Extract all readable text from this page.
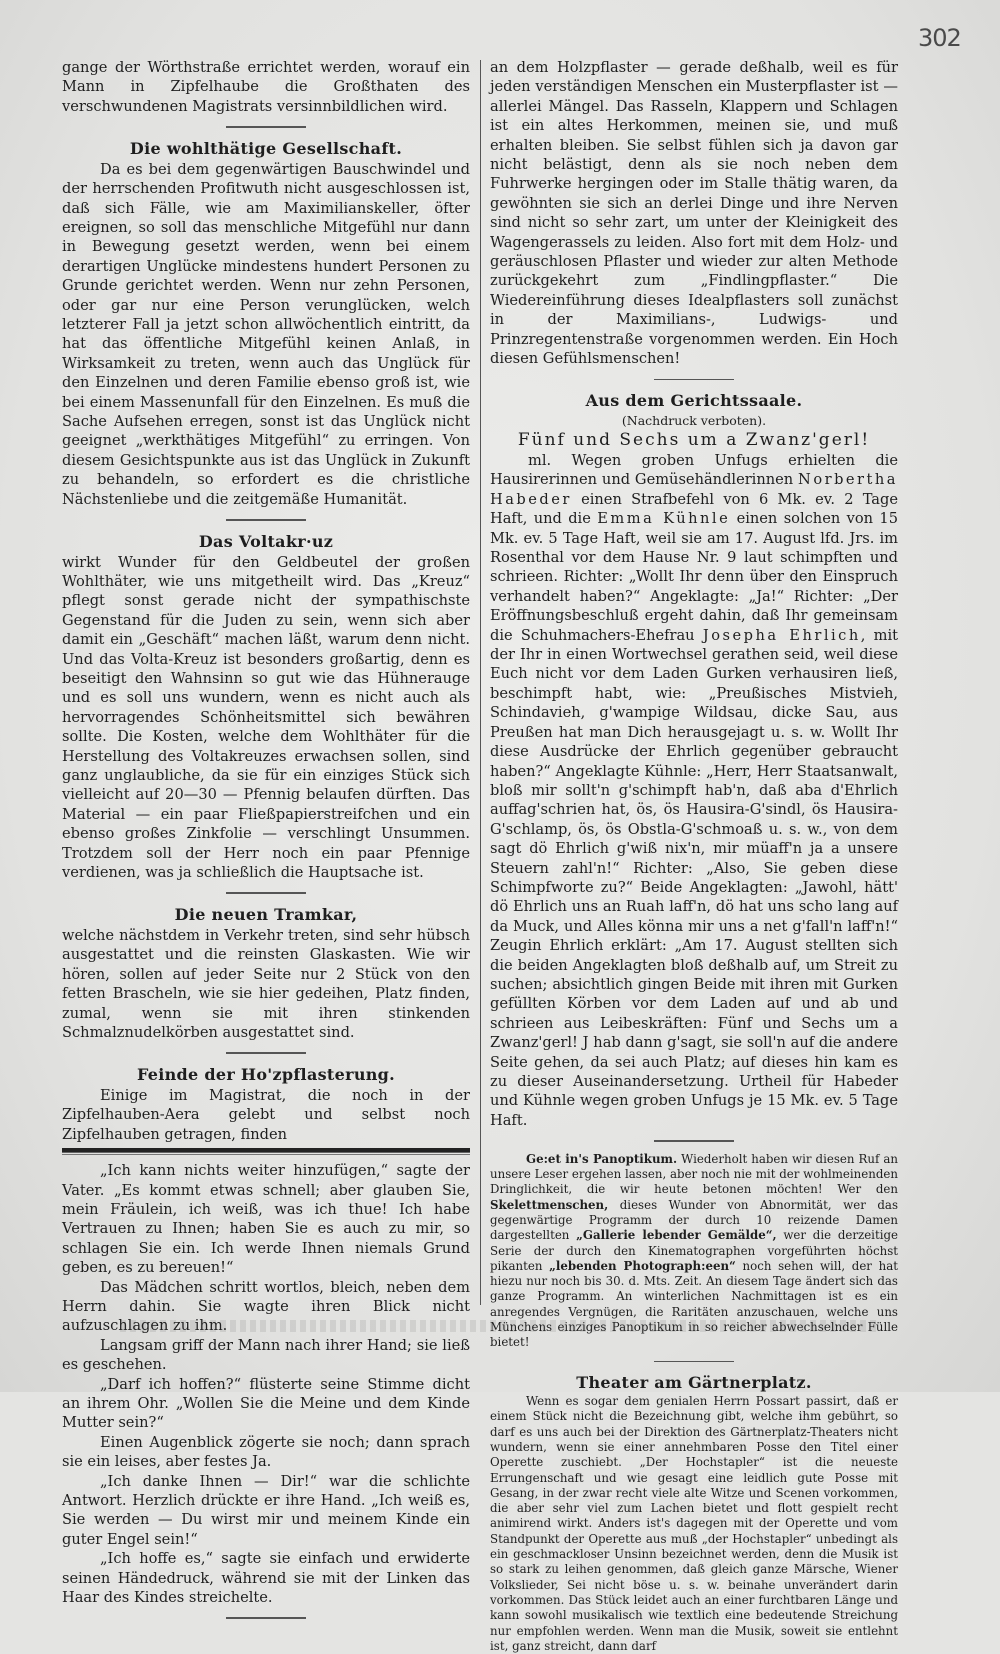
302

gange der Wörthstraße errichtet werden, worauf ein Mann in Zipfelhaube die Großthaten des verschwundenen Magistrats versinnbildlichen wird.

Die wohlthätige Gesellschaft.

Da es bei dem gegenwärtigen Bauschwindel und der herrschenden Profitwuth nicht ausgeschlossen ist, daß sich Fälle, wie am Maximilianskeller, öfter ereignen, so soll das menschliche Mitgefühl nur dann in Bewegung gesetzt werden, wenn bei einem derartigen Unglücke mindestens hundert Personen zu Grunde gerichtet werden. Wenn nur zehn Personen, oder gar nur eine Person verunglücken, welch letzterer Fall ja jetzt schon allwöchentlich eintritt, da hat das öffentliche Mitgefühl keinen Anlaß, in Wirksamkeit zu treten, wenn auch das Unglück für den Einzelnen und deren Familie ebenso groß ist, wie bei einem Massenunfall für den Einzelnen. Es muß die Sache Aufsehen erregen, sonst ist das Unglück nicht geeignet „werkthätiges Mitgefühl“ zu erringen. Von diesem Gesichtspunkte aus ist das Unglück in Zukunft zu behandeln, so erfordert es die christliche Nächstenliebe und die zeitgemäße Humanität.

Das Voltakr·uz

wirkt Wunder für den Geldbeutel der großen Wohlthäter, wie uns mitgetheilt wird. Das „Kreuz“ pflegt sonst gerade nicht der sympathischste Gegenstand für die Juden zu sein, wenn sich aber damit ein „Geschäft“ machen läßt, warum denn nicht. Und das Volta-Kreuz ist besonders großartig, denn es beseitigt den Wahnsinn so gut wie das Hühnerauge und es soll uns wundern, wenn es nicht auch als hervorragendes Schönheitsmittel sich bewähren sollte. Die Kosten, welche dem Wohlthäter für die Herstellung des Voltakreuzes erwachsen sollen, sind ganz unglaubliche, da sie für ein einziges Stück sich vielleicht auf 20—30 — Pfennig belaufen dürften. Das Material — ein paar Fließpapierstreifchen und ein ebenso großes Zinkfolie — verschlingt Unsummen. Trotzdem soll der Herr noch ein paar Pfennige verdienen, was ja schließlich die Hauptsache ist.

Die neuen Tramkar,

welche nächstdem in Verkehr treten, sind sehr hübsch ausgestattet und die reinsten Glaskasten. Wie wir hören, sollen auf jeder Seite nur 2 Stück von den fetten Braschеln, wie sie hier gedeihen, Platz finden, zumal, wenn sie mit ihren stinkenden Schmalznudelkörben ausgestattet sind.

Feinde der Ho'zpflasterung.

Einige im Magistrat, die noch in der Zipfelhauben-Aera gelebt und selbst noch Zipfelhauben getragen, finden

„Ich kann nichts weiter hinzufügen,“ sagte der Vater. „Es kommt etwas schnell; aber glauben Sie, mein Fräulein, ich weiß, was ich thue! Ich habe Vertrauen zu Ihnen; haben Sie es auch zu mir, so schlagen Sie ein. Ich werde Ihnen niemals Grund geben, es zu bereuen!“

Das Mädchen schritt wortlos, bleich, neben dem Herrn dahin. Sie wagte ihren Blick nicht aufzuschlagen zu ihm.

Langsam griff der Mann nach ihrer Hand; sie ließ es geschehen.

„Darf ich hoffen?“ flüsterte seine Stimme dicht an ihrem Ohr. „Wollen Sie die Meine und dem Kinde Mutter sein?“

Einen Augenblick zögerte sie noch; dann sprach sie ein leises, aber festes Ja.

„Ich danke Ihnen — Dir!“ war die schlichte Antwort. Herzlich drückte er ihre Hand. „Ich weiß es, Sie werden — Du wirst mir und meinem Kinde ein guter Engel sein!“

„Ich hoffe es,“ sagte sie einfach und erwiderte seinen Händedruck, während sie mit der Linken das Haar des Kindes streichelte.

an dem Holzpflaster — gerade deßhalb, weil es für jeden verständigen Menschen ein Musterpflaster ist — allerlei Mängel. Das Rasseln, Klappern und Schlagen ist ein altes Herkommen, meinen sie, und muß erhalten bleiben. Sie selbst fühlen sich ja davon gar nicht belästigt, denn als sie noch neben dem Fuhrwerke hergingen oder im Stalle thätig waren, da gewöhnten sie sich an derlei Dinge und ihre Nerven sind nicht so sehr zart, um unter der Kleinigkeit des Wagengerassels zu leiden. Also fort mit dem Holz- und geräuschlosen Pflaster und wieder zur alten Methode zurückgekehrt zum „Findlingpflaster.“ Die Wiedereinführung dieses Idealpflasters soll zunächst in der Maximilians-, Ludwigs- und Prinzregentenstraße vorgenommen werden. Ein Hoch diesen Gefühlsmenschen!

Aus dem Gerichtssaale.
(Nachdruck verboten).
Fünf und Sechs um a Zwanz'gerl!

ml. Wegen groben Unfugs erhielten die Hausirerinnen und Gemüsehändlerinnen Norbertha Habeder einen Strafbefehl von 6 Mk. ev. 2 Tage Haft, und die Emma Kühnle einen solchen von 15 Mk. ev. 5 Tage Haft, weil sie am 17. August lfd. Jrs. im Rosenthal vor dem Hause Nr. 9 laut schimpften und schrieen. Richter: „Wollt Ihr denn über den Einspruch verhandelt haben?“ Angeklagte: „Ja!“ Richter: „Der Eröffnungsbeschluß ergeht dahin, daß Ihr gemeinsam die Schuhmachers-Ehefrau Josepha Ehrlich, mit der Ihr in einen Wortwechsel gerathen seid, weil diese Euch nicht vor dem Laden Gurken verhausiren ließ, beschimpft habt, wie: „Preußisches Mistvieh, Schindavieh, g'wampige Wildsau, dicke Sau, aus Preußen hat man Dich herausgejagt u. s. w. Wollt Ihr diese Ausdrücke der Ehrlich gegenüber gebraucht haben?“ Angeklagte Kühnle: „Herr, Herr Staatsanwalt, bloß mir sollt'n g'schimpft hab'n, daß aba d'Ehrlich auffag'schrien hat, ös, ös Hausira-G'sindl, ös Hausira-G'schlamp, ös, ös Obstla-G'schmoaß u. s. w., von dem sagt dö Ehrlich g'wiß nix'n, mir müaff'n ja a unsere Steuern zahl'n!“ Richter: „Also, Sie geben diese Schimpfworte zu?“ Beide Angeklagten: „Jawohl, hätt' dö Ehrlich uns an Ruah laff'n, dö hat uns scho lang auf da Muck, und Alles könna mir uns a net g'fall'n laff'n!“ Zeugin Ehrlich erklärt: „Am 17. August stellten sich die beiden Angeklagten bloß deßhalb auf, um Streit zu suchen; absichtlich gingen Beide mit ihren mit Gurken gefüllten Körben vor dem Laden auf und ab und schrieen aus Leibeskräften: Fünf und Sechs um a Zwanz'gerl! J hab dann g'sagt, sie soll'n auf die andere Seite gehen, da sei auch Platz; auf dieses hin kam es zu dieser Auseinandersetzung. Urtheil für Habeder und Kühnle wegen groben Unfugs je 15 Mk. ev. 5 Tage Haft.

Ge:et in's Panoptikum. Wiederholt haben wir diesen Ruf an unsere Leser ergehen lassen, aber noch nie mit der wohlmeinenden Dringlichkeit, die wir heute betonen möchten! Wer den Skelettmenschen, dieses Wunder von Abnormität, wer das gegenwärtige Programm der durch 10 reizende Damen dargestellten „Gallerie lebender Gemälde“, wer die derzeitige Serie der durch den Kinematographen vorgeführten höchst pikanten „lebenden Photograph:een“ noch sehen will, der hat hiezu nur noch bis 30. d. Mts. Zeit. An diesem Tage ändert sich das ganze Programm. An winterlichen Nachmittagen ist es ein anregendes Vergnügen, die Raritäten anzuschauen, welche uns Münchens einziges Panoptikum in so reicher abwechselnder Fülle bietet!

Theater am Gärtnerplatz.

Wenn es sogar dem genialen Herrn Possart passirt, daß er einem Stück nicht die Bezeichnung gibt, welche ihm gebührt, so darf es uns auch bei der Direktion des Gärtnerplatz-Theaters nicht wundern, wenn sie einer annehmbaren Posse den Titel einer Operette zuschiebt. „Der Hochstapler“ ist die neueste Errungenschaft und wie gesagt eine leidlich gute Posse mit Gesang, in der zwar recht viele alte Witze und Scenen vorkommen, die aber sehr viel zum Lachen bietet und flott gespielt recht animirend wirkt. Anders ist's dagegen mit der Operette und vom Standpunkt der Operette aus muß „der Hochstapler“ unbedingt als ein geschmackloser Unsinn bezeichnet werden, denn die Musik ist so stark zu leihen genommen, daß gleich ganze Märsche, Wiener Volkslieder, Sei nicht böse u. s. w. beinahe unverändert darin vorkommen. Das Stück leidet auch an einer furchtbaren Länge und kann sowohl musikalisch wie textlich eine bedeutende Streichung nur empfohlen werden. Wenn man die Musik, soweit sie entlehnt ist, ganz streicht, dann darf
